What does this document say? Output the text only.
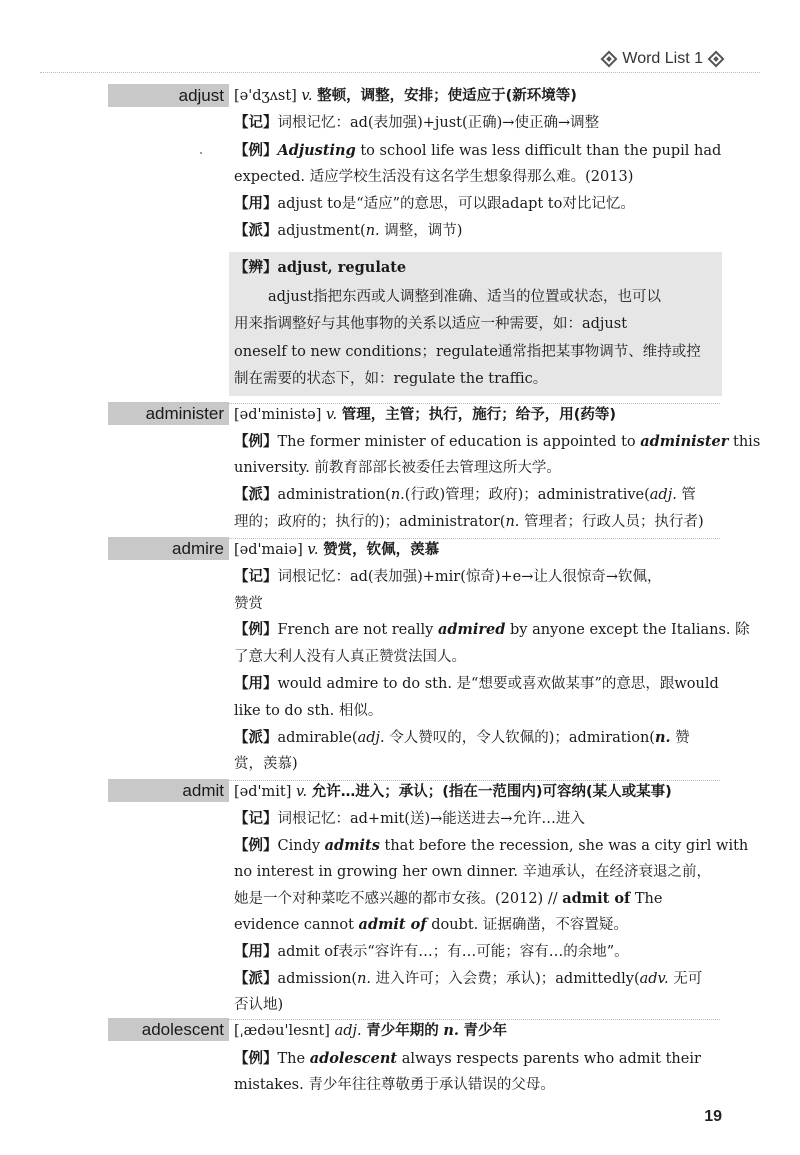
Word List 1
adjust [ə'dʒʌst] v. 整顿，调整，安排；使适应于(新环境等)
【记】词根记忆：ad(表加强)+just(正确)→使正确→调整
【例】Adjusting to school life was less difficult than the pupil had
expected. 适应学校生活没有这名学生想象得那么难。(2013)
【用】adjust to是“适应”的意思，可以跟adapt to对比记忆。
【派】adjustment(n. 调整，调节)
【辨】adjust, regulate
adjust指把东西或人调整到准确、适当的位置或状态，也可以
用来指调整好与其他事物的关系以适应一种需要，如：adjust
oneself to new conditions；regulate通常指把某事物调节、维持或控
制在需要的状态下，如：regulate the traffic。
administer [əd'ministə] v. 管理，主管；执行，施行；给予，用(药等)
【例】The former minister of education is appointed to administer this
university. 前教育部部长被委任去管理这所大学。
【派】administration(n.(行政)管理；政府)；administrative(adj. 管
理的；政府的；执行的)；administrator(n. 管理者；行政人员；执行者)
admire [əd'maiə] v. 赞赏，钦佩，羡慕
【记】词根记忆：ad(表加强)+mir(惊奇)+e→让人很惊奇→钦佩，
赞赏
【例】French are not really admired by anyone except the Italians. 除
了意大利人没有人真正赞赏法国人。
【用】would admire to do sth. 是“想要或喜欢做某事”的意思，跟would
like to do sth. 相似。
【派】admirable(adj. 令人赞叹的，令人钦佩的)；admiration(n. 赞
赏，羡慕)
admit [əd'mit] v. 允许…进入；承认；(指在一范围内)可容纳(某人或某事)
【记】词根记忆：ad+mit(送)→能送进去→允许…进入
【例】Cindy admits that before the recession, she was a city girl with
no interest in growing her own dinner. 辛迪承认，在经济衰退之前，
她是一个对种菜吃不感兴趣的都市女孩。(2012) // admit of The
evidence cannot admit of doubt. 证据确凿，不容置疑。
【用】admit of表示“容许有…；有…可能；容有…的余地”。
【派】admission(n. 进入许可；入会费；承认)；admittedly(adv. 无可
否认地)
adolescent [ˌædəu'lesnt] adj. 青少年期的 n. 青少年
【例】The adolescent always respects parents who admit their
mistakes. 青少年往往尊敬勇于承认错误的父母。
19
